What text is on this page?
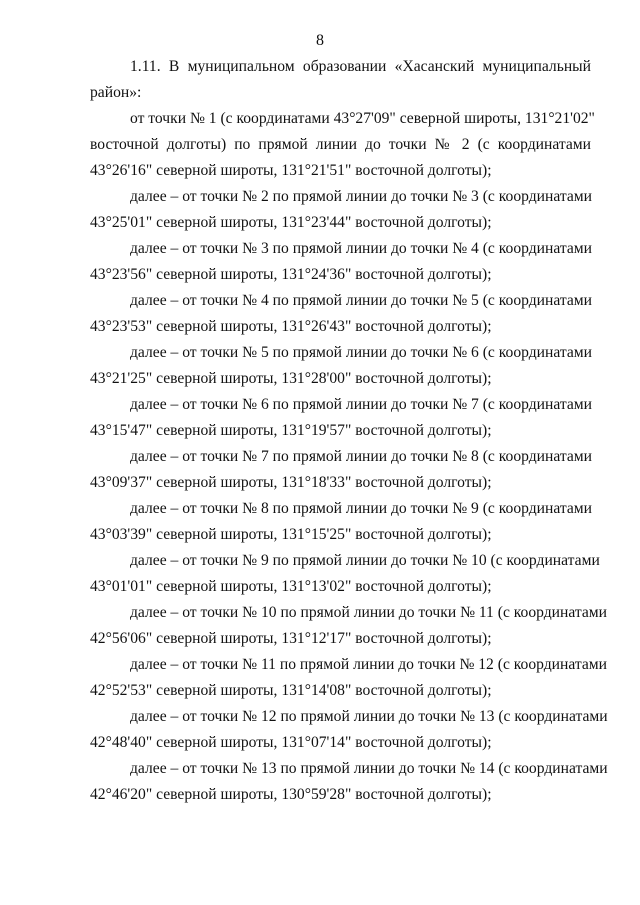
8

1.11. В муниципальном образовании «Хасанский муниципальный
район»:

от точки № 1 (с координатами 43°27'09" северной широты, 131°21'02"
восточной долготы) по прямой линии до точки № 2 (с координатами
43°26'16" северной широты, 131°21'51" восточной долготы);

далее – от точки № 2 по прямой линии до точки № 3 (с координатами
43°25'01" северной широты, 131°23'44" восточной долготы);

далее – от точки № 3 по прямой линии до точки № 4 (с координатами
43°23'56" северной широты, 131°24'36" восточной долготы);

далее – от точки № 4 по прямой линии до точки № 5 (с координатами
43°23'53" северной широты, 131°26'43" восточной долготы);

далее – от точки № 5 по прямой линии до точки № 6 (с координатами
43°21'25" северной широты, 131°28'00" восточной долготы);

далее – от точки № 6 по прямой линии до точки № 7 (с координатами
43°15'47" северной широты, 131°19'57" восточной долготы);

далее – от точки № 7 по прямой линии до точки № 8 (с координатами
43°09'37" северной широты, 131°18'33" восточной долготы);

далее – от точки № 8 по прямой линии до точки № 9 (с координатами
43°03'39" северной широты, 131°15'25" восточной долготы);

далее – от точки № 9 по прямой линии до точки № 10 (с координатами
43°01'01" северной широты, 131°13'02" восточной долготы);

далее – от точки № 10 по прямой линии до точки № 11 (с координатами
42°56'06" северной широты, 131°12'17" восточной долготы);

далее – от точки № 11 по прямой линии до точки № 12 (с координатами
42°52'53" северной широты, 131°14'08" восточной долготы);

далее – от точки № 12 по прямой линии до точки № 13 (с координатами
42°48'40" северной широты, 131°07'14" восточной долготы);

далее – от точки № 13 по прямой линии до точки № 14 (с координатами
42°46'20" северной широты, 130°59'28" восточной долготы);
